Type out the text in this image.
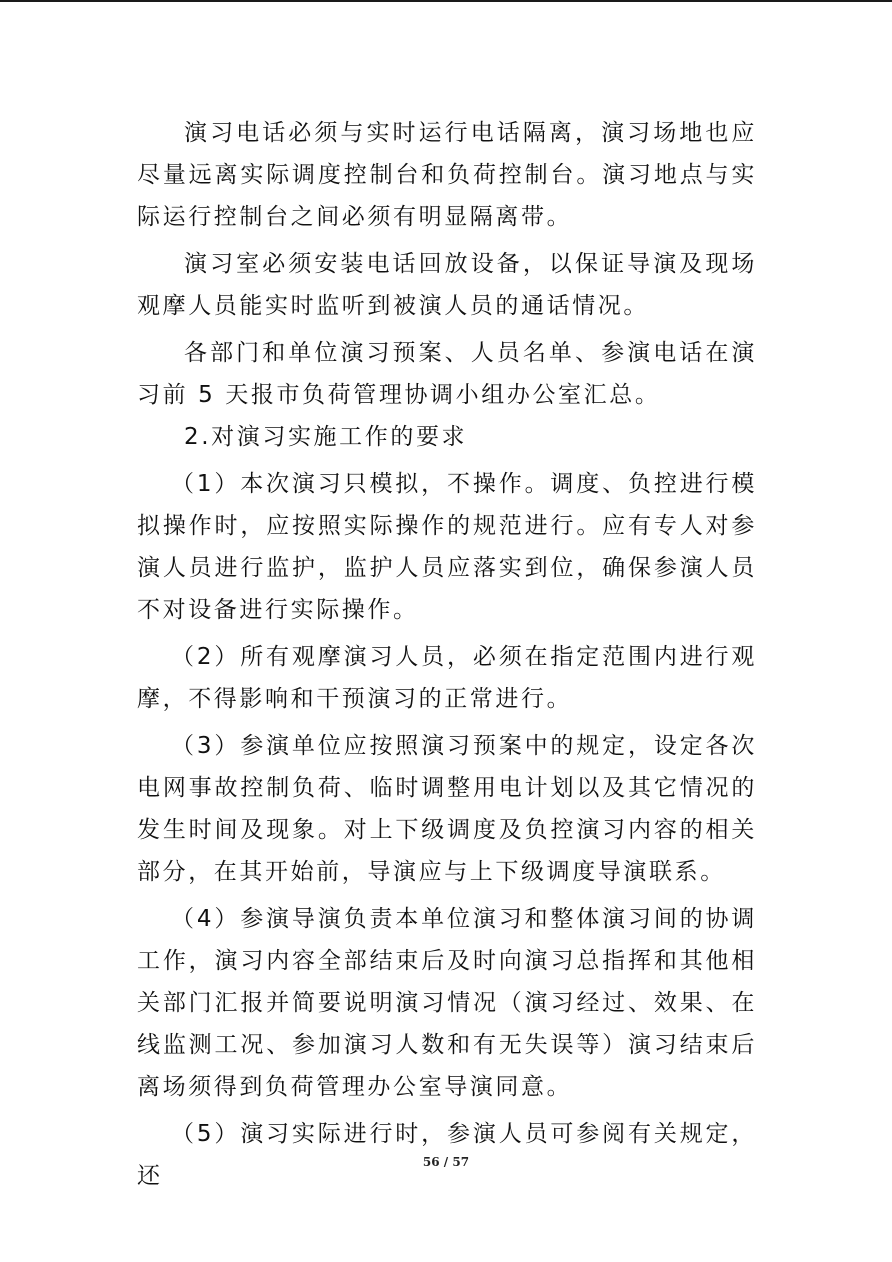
演习电话必须与实时运行电话隔离，演习场地也应尽量远离实际调度控制台和负荷控制台。演习地点与实际运行控制台之间必须有明显隔离带。

演习室必须安装电话回放设备，以保证导演及现场观摩人员能实时监听到被演人员的通话情况。

各部门和单位演习预案、人员名单、参演电话在演习前 5 天报市负荷管理协调小组办公室汇总。

2.对演习实施工作的要求

（1）本次演习只模拟，不操作。调度、负控进行模拟操作时，应按照实际操作的规范进行。应有专人对参演人员进行监护，监护人员应落实到位，确保参演人员不对设备进行实际操作。

（2）所有观摩演习人员，必须在指定范围内进行观摩，不得影响和干预演习的正常进行。

（3）参演单位应按照演习预案中的规定，设定各次电网事故控制负荷、临时调整用电计划以及其它情况的发生时间及现象。对上下级调度及负控演习内容的相关部分，在其开始前，导演应与上下级调度导演联系。

（4）参演导演负责本单位演习和整体演习间的协调工作，演习内容全部结束后及时向演习总指挥和其他相关部门汇报并简要说明演习情况（演习经过、效果、在线监测工况、参加演习人数和有无失误等）演习结束后离场须得到负荷管理办公室导演同意。

（5）演习实际进行时，参演人员可参阅有关规定，还

56 / 57
